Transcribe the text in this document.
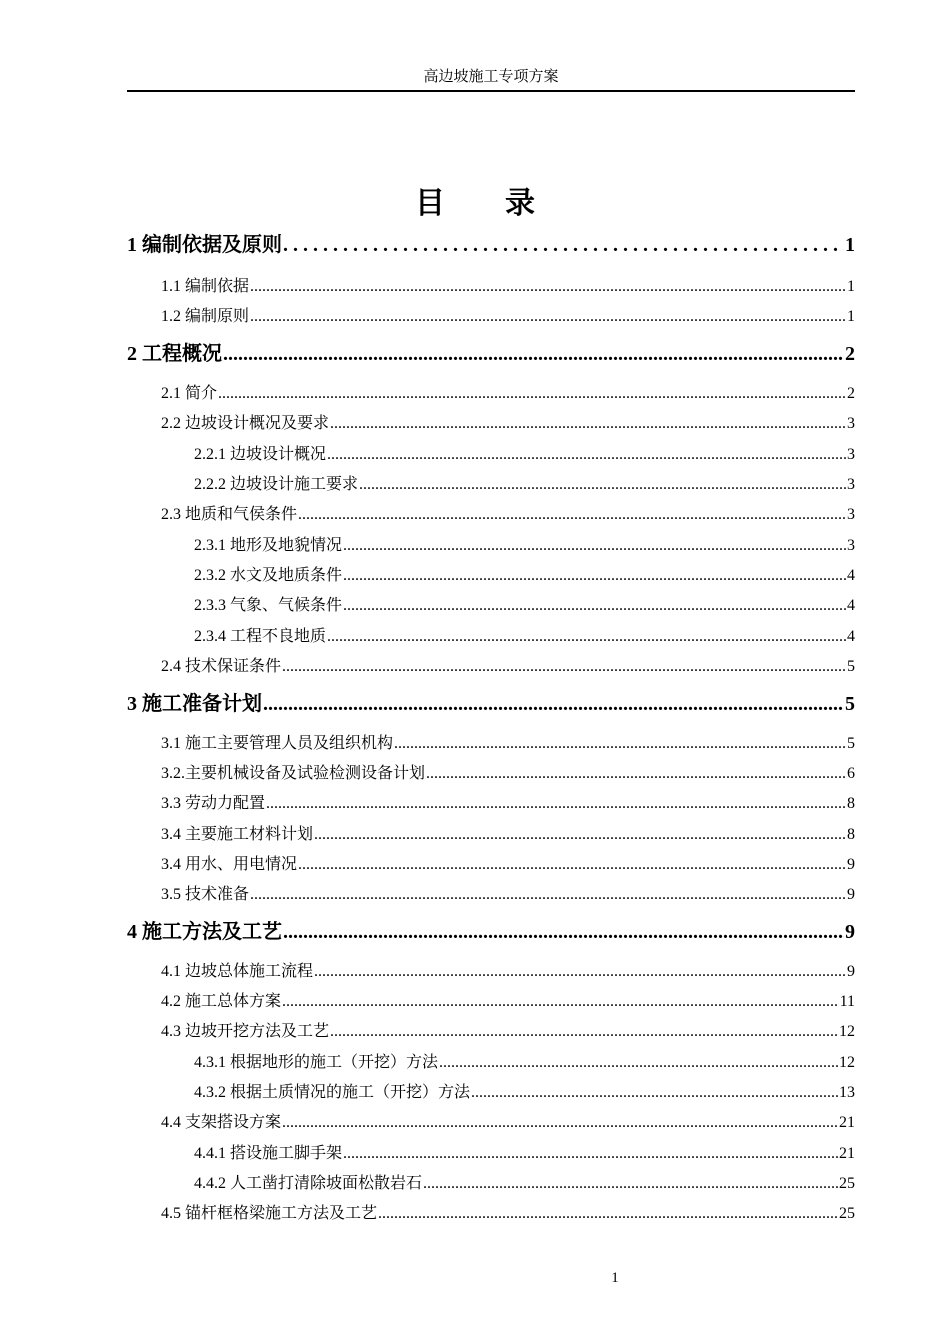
高边坡施工专项方案
目录
1 编制依据及原则 . . .	1
1.1 编制依据 .....	1
1.2 编制原则 .....	1
2 工程概况 .....	2
2.1 简介 .....	2
2.2 边坡设计概况及要求 .....	3
2.2.1 边坡设计概况 .....	3
2.2.2 边坡设计施工要求 .....	3
2.3 地质和气侯条件 .....	3
2.3.1 地形及地貌情况 .....	3
2.3.2 水文及地质条件 .....	4
2.3.3 气象、气候条件 .....	4
2.3.4 工程不良地质 .....	4
2.4 技术保证条件 .....	5
3 施工准备计划 .....	5
3.1 施工主要管理人员及组织机构 .....	5
3.2.主要机械设备及试验检测设备计划 .....	6
3.3 劳动力配置 .....	8
3.4 主要施工材料计划 .....	8
3.4 用水、用电情况 .....	9
3.5 技术准备 .....	9
4 施工方法及工艺 .....	9
4.1 边坡总体施工流程 .....	9
4.2 施工总体方案 .....	11
4.3 边坡开挖方法及工艺 .....	12
4.3.1 根据地形的施工（开挖）方法 .....	12
4.3.2 根据土质情况的施工（开挖）方法 .....	13
4.4 支架搭设方案 .....	21
4.4.1 搭设施工脚手架 .....	21
4.4.2 人工凿打清除坡面松散岩石 .....	25
4.5 锚杆框格梁施工方法及工艺 .....	25
1
